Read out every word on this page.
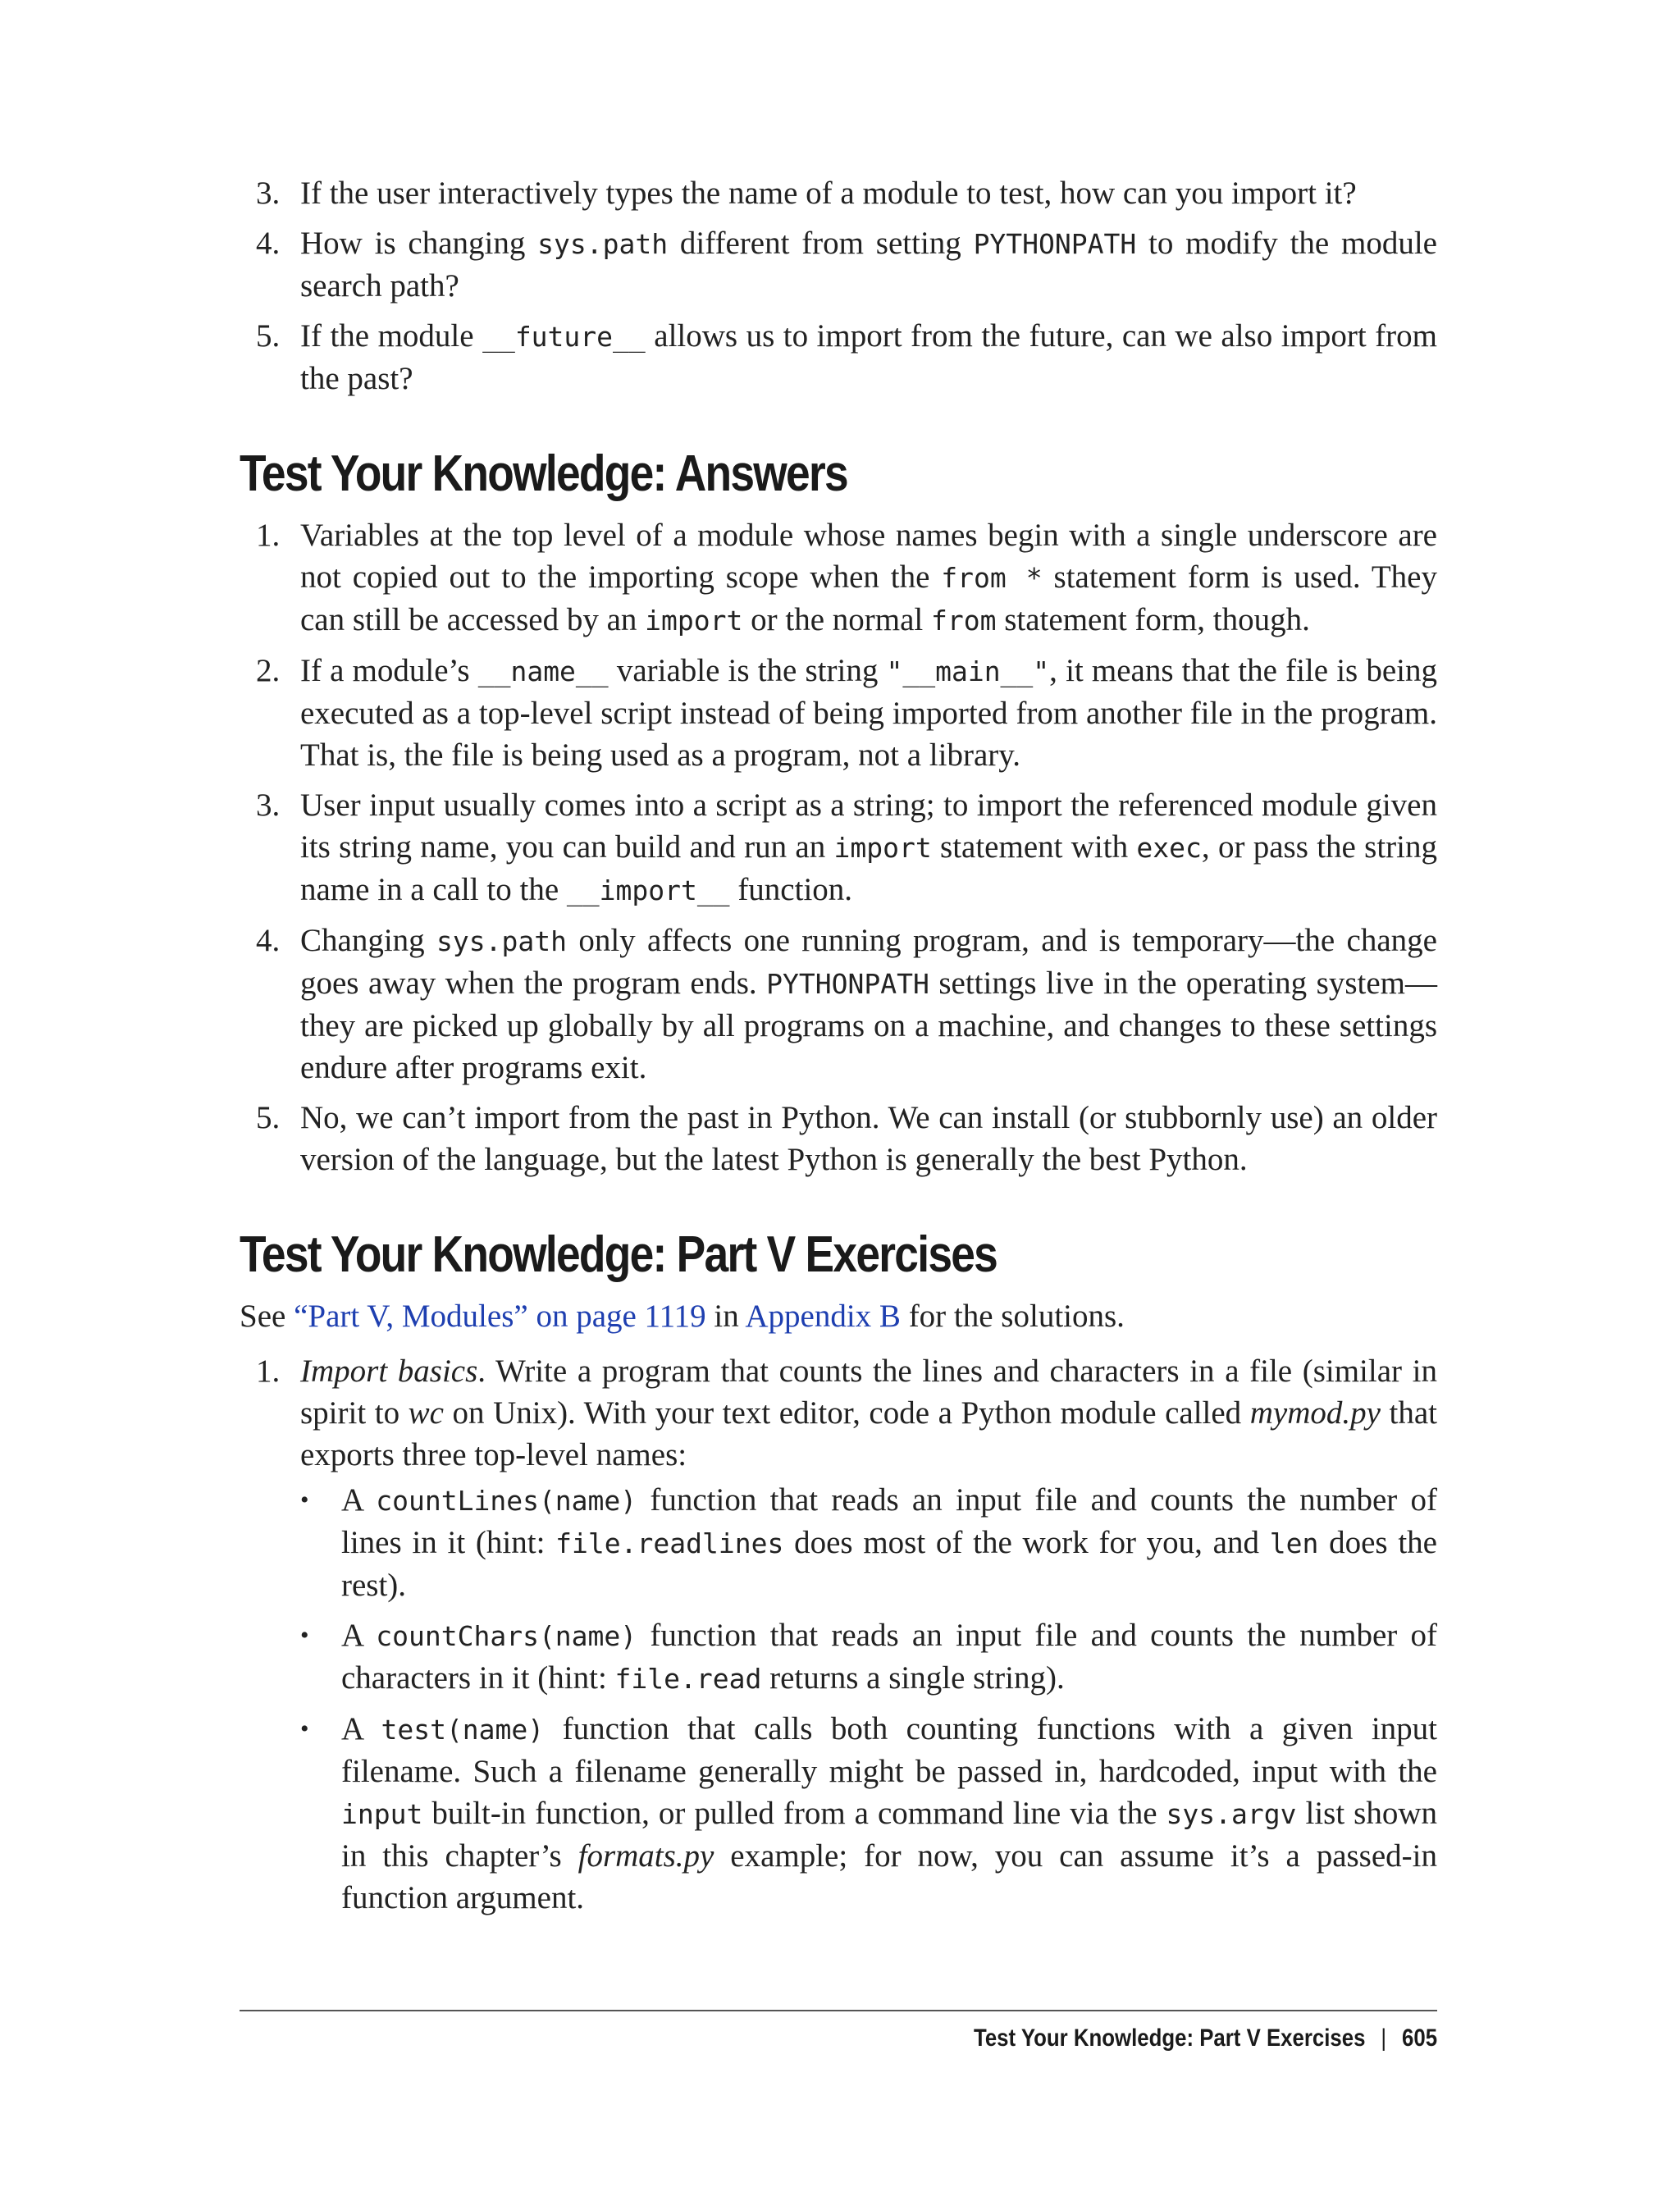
3. If the user interactively types the name of a module to test, how can you import it?
4. How is changing sys.path different from setting PYTHONPATH to modify the module search path?
5. If the module __future__ allows us to import from the future, can we also import from the past?
Test Your Knowledge: Answers
1. Variables at the top level of a module whose names begin with a single underscore are not copied out to the importing scope when the from * statement form is used. They can still be accessed by an import or the normal from statement form, though.
2. If a module’s __name__ variable is the string "__main__", it means that the file is being executed as a top-level script instead of being imported from another file in the program. That is, the file is being used as a program, not a library.
3. User input usually comes into a script as a string; to import the referenced module given its string name, you can build and run an import statement with exec, or pass the string name in a call to the __import__ function.
4. Changing sys.path only affects one running program, and is temporary—the change goes away when the program ends. PYTHONPATH settings live in the operating system—they are picked up globally by all programs on a machine, and changes to these settings endure after programs exit.
5. No, we can’t import from the past in Python. We can install (or stubbornly use) an older version of the language, but the latest Python is generally the best Python.
Test Your Knowledge: Part V Exercises

See “Part V, Modules” on page 1119 in Appendix B for the solutions.

1. Import basics. Write a program that counts the lines and characters in a file (similar in spirit to wc on Unix). With your text editor, code a Python module called mymod.py that exports three top-level names:
• A countLines(name) function that reads an input file and counts the number of lines in it (hint: file.readlines does most of the work for you, and len does the rest).
• A countChars(name) function that reads an input file and counts the number of characters in it (hint: file.read returns a single string).
• A test(name) function that calls both counting functions with a given input filename. Such a filename generally might be passed in, hardcoded, input with the input built-in function, or pulled from a command line via the sys.argv list shown in this chapter’s formats.py example; for now, you can assume it’s a passed-in function argument.
Test Your Knowledge: Part V Exercises | 605
